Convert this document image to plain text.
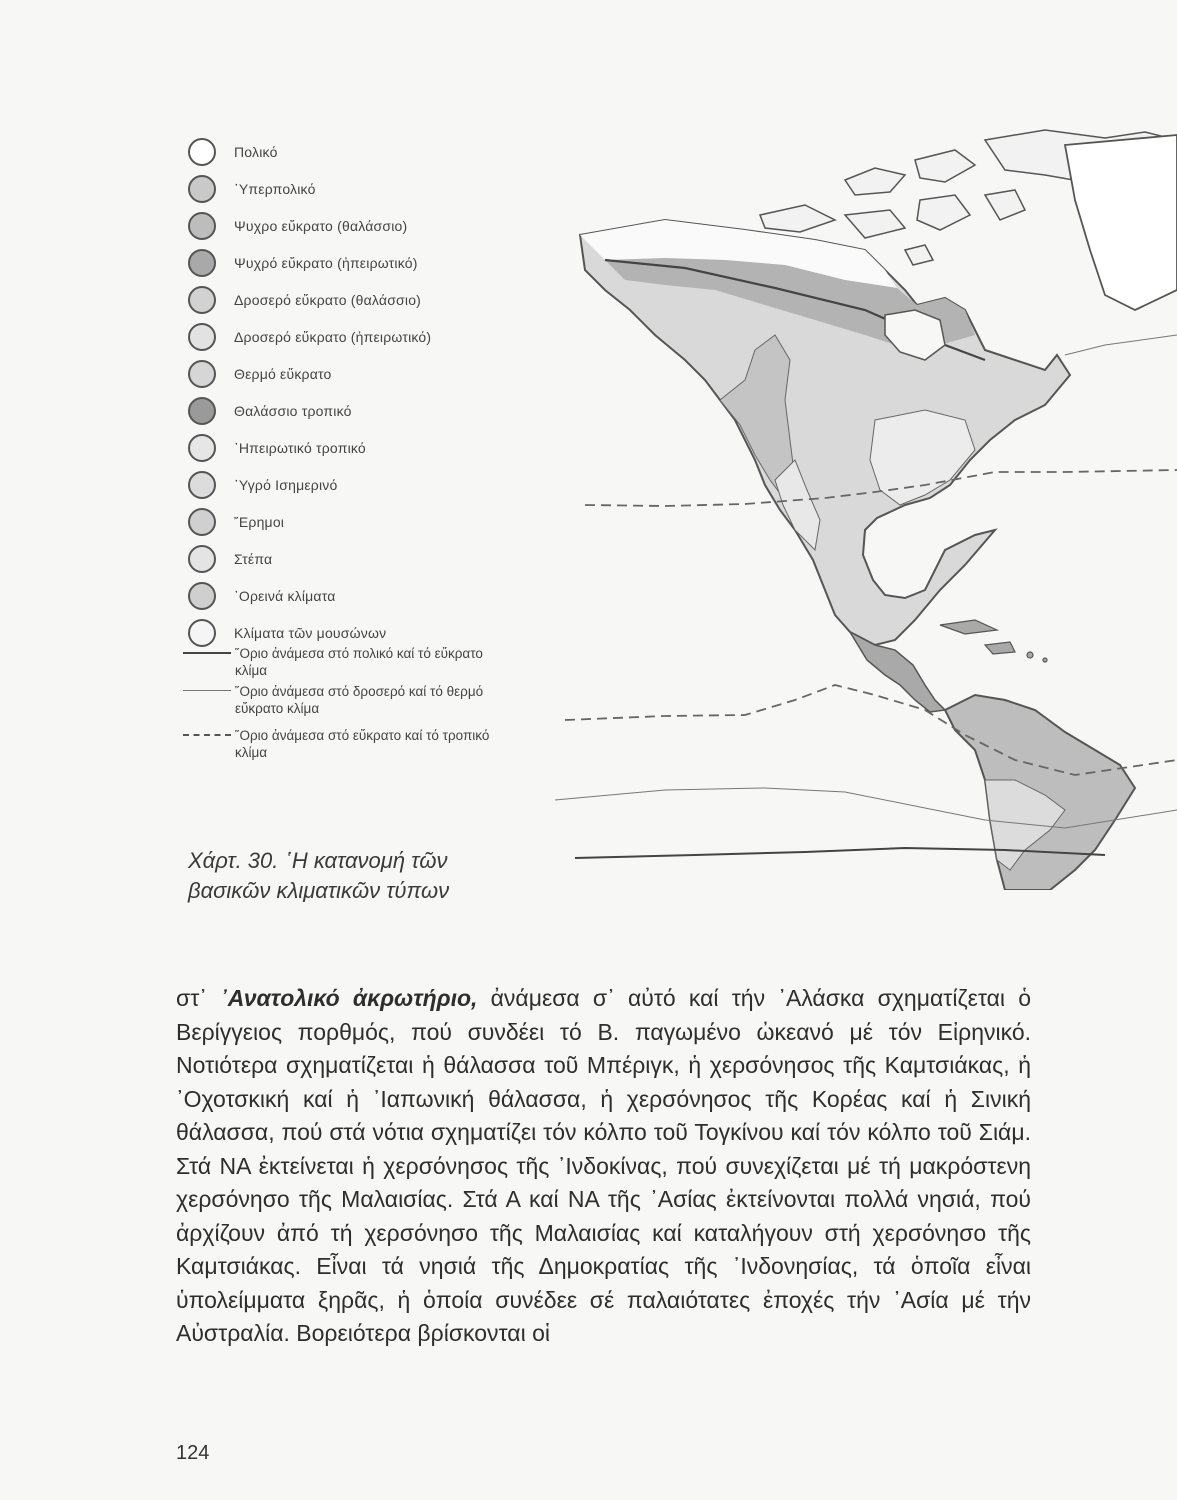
Πολικό
᾿Υπερπολικό
Ψυχρο εὔκρατο (θαλάσσιο)
Ψυχρό εὔκρατο (ἠπειρωτικό)
Δροσερό εὔκρατο (θαλάσσιο)
Δροσερό εὔκρατο (ἠπειρωτικό)
Θερμό εὔκρατο
Θαλάσσιο τροπικό
᾿Ηπειρωτικό τροπικό
᾿Υγρό Ισημερινό
῎Ερημοι
Στέπα
᾿Ορεινά κλίματα
Κλίματα τῶν μουσώνων
῞Οριο ἀνάμεσα στό πολικό καί τό εὔκρατο κλίμα
῞Οριο ἀνάμεσα στό δροσερό καί τό θερμό εὔκρατο κλίμα
῞Οριο ἀνάμεσα στό εὔκρατο καί τό τροπικό κλίμα
Χάρτ. 30. ῾Η κατανομή τῶν
βασικῶν κλιματικῶν τύπων

στ᾿ ᾿Ανατολικό ἀκρωτήριο, ἀνάμεσα σ᾿ αὐτό καί τήν ᾿Αλάσκα σχηματίζεται ὁ Βερίγγειος πορθμός, πού συνδέει τό Β. παγωμένο ὠκεανό μέ τόν Εἰρηνικό. Νοτιότερα σχηματίζεται ἡ θάλασσα τοῦ Μπέριγκ, ἡ χερσόνησος τῆς Καμτσιάκας, ἡ ᾿Οχοτσκική καί ἡ ᾿Ιαπωνική θάλασσα, ἡ χερσόνησος τῆς Κορέας καί ἡ Σινική θάλασσα, πού στά νότια σχηματίζει τόν κόλπο τοῦ Τογκίνου καί τόν κόλπο τοῦ Σιάμ. Στά ΝΑ ἐκτείνεται ἡ χερσόνησος τῆς ᾿Ινδοκίνας, πού συνεχίζεται μέ τή μακρόστενη χερσόνησο τῆς Μαλαισίας. Στά Α καί ΝΑ τῆς ᾿Ασίας ἐκτείνονται πολλά νησιά, πού ἀρχίζουν ἀπό τή χερσόνησο τῆς Μαλαισίας καί καταλήγουν στή χερσόνησο τῆς Καμτσιάκας. Εἶναι τά νησιά τῆς Δημοκρατίας τῆς ᾿Ινδονησίας, τά ὁποῖα εἶναι ὑπολείμματα ξηρᾶς, ἡ ὁποία συνέδεε σέ παλαιότατες ἐποχές τήν ᾿Ασία μέ τήν Αὐστραλία. Βορειότερα βρίσκονται οἱ

124
